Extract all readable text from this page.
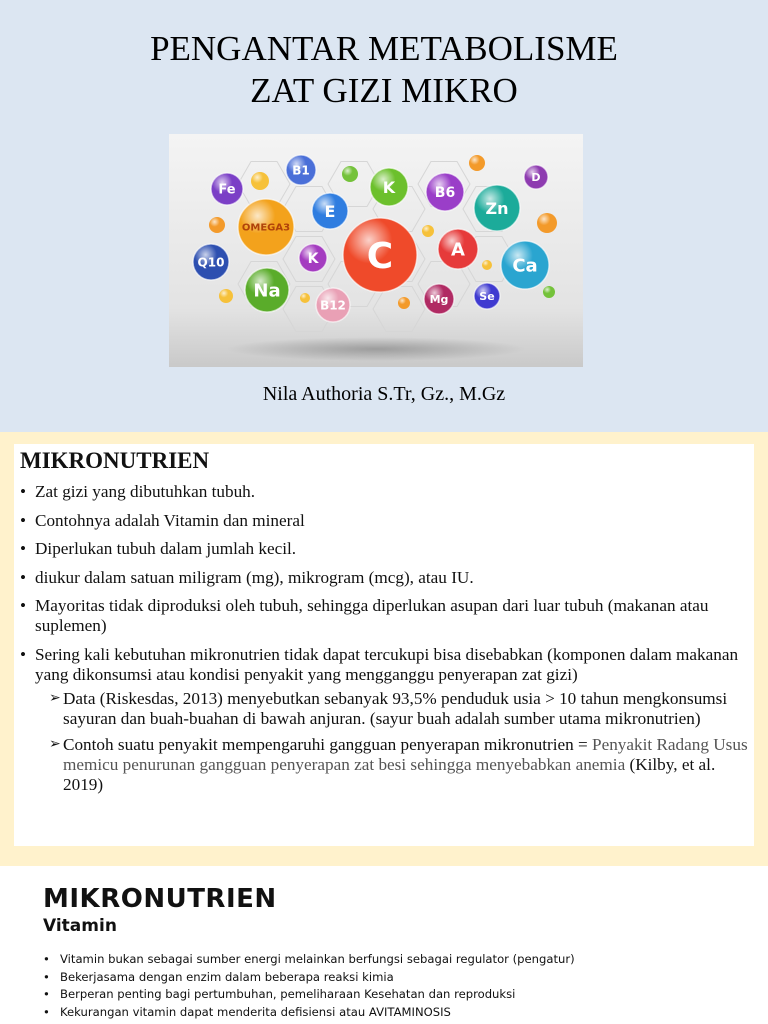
PENGANTAR METABOLISME
ZAT GIZI MIKRO
Fe
B1
E
K	B6
Zn
D
OMEGA3
C	A
Ca
Q10
Na
K
B12	Mg	Se
Nila Authoria S.Tr, Gz., M.Gz
MIKRONUTRIEN
• Zat gizi yang dibutuhkan tubuh.
• Contohnya adalah Vitamin dan mineral
• Diperlukan tubuh dalam jumlah kecil.
• diukur dalam satuan miligram (mg), mikrogram (mcg), atau IU.
• Mayoritas tidak diproduksi oleh tubuh, sehingga diperlukan asupan dari luar tubuh (makanan atau suplemen)
• Sering kali kebutuhan mikronutrien tidak dapat tercukupi bisa disebabkan (komponen dalam makanan yang dikonsumsi atau kondisi penyakit yang mengganggu penyerapan zat gizi)
➢ Data (Riskesdas, 2013) menyebutkan sebanyak 93,5% penduduk usia > 10 tahun mengkonsumsi sayuran dan buah-buahan di bawah anjuran. (sayur buah adalah sumber utama mikronutrien)
➢ Contoh suatu penyakit mempengaruhi gangguan penyerapan mikronutrien = Penyakit Radang Usus memicu penurunan gangguan penyerapan zat besi sehingga menyebabkan anemia (Kilby, et al. 2019)
MIKRONUTRIEN
Vitamin
• Vitamin bukan sebagai sumber energi melainkan berfungsi sebagai regulator (pengatur)
• Bekerjasama dengan enzim dalam beberapa reaksi kimia
• Berperan penting bagi pertumbuhan, pemeliharaan Kesehatan dan reproduksi
• Kekurangan vitamin dapat menderita defisiensi atau AVITAMINOSIS
